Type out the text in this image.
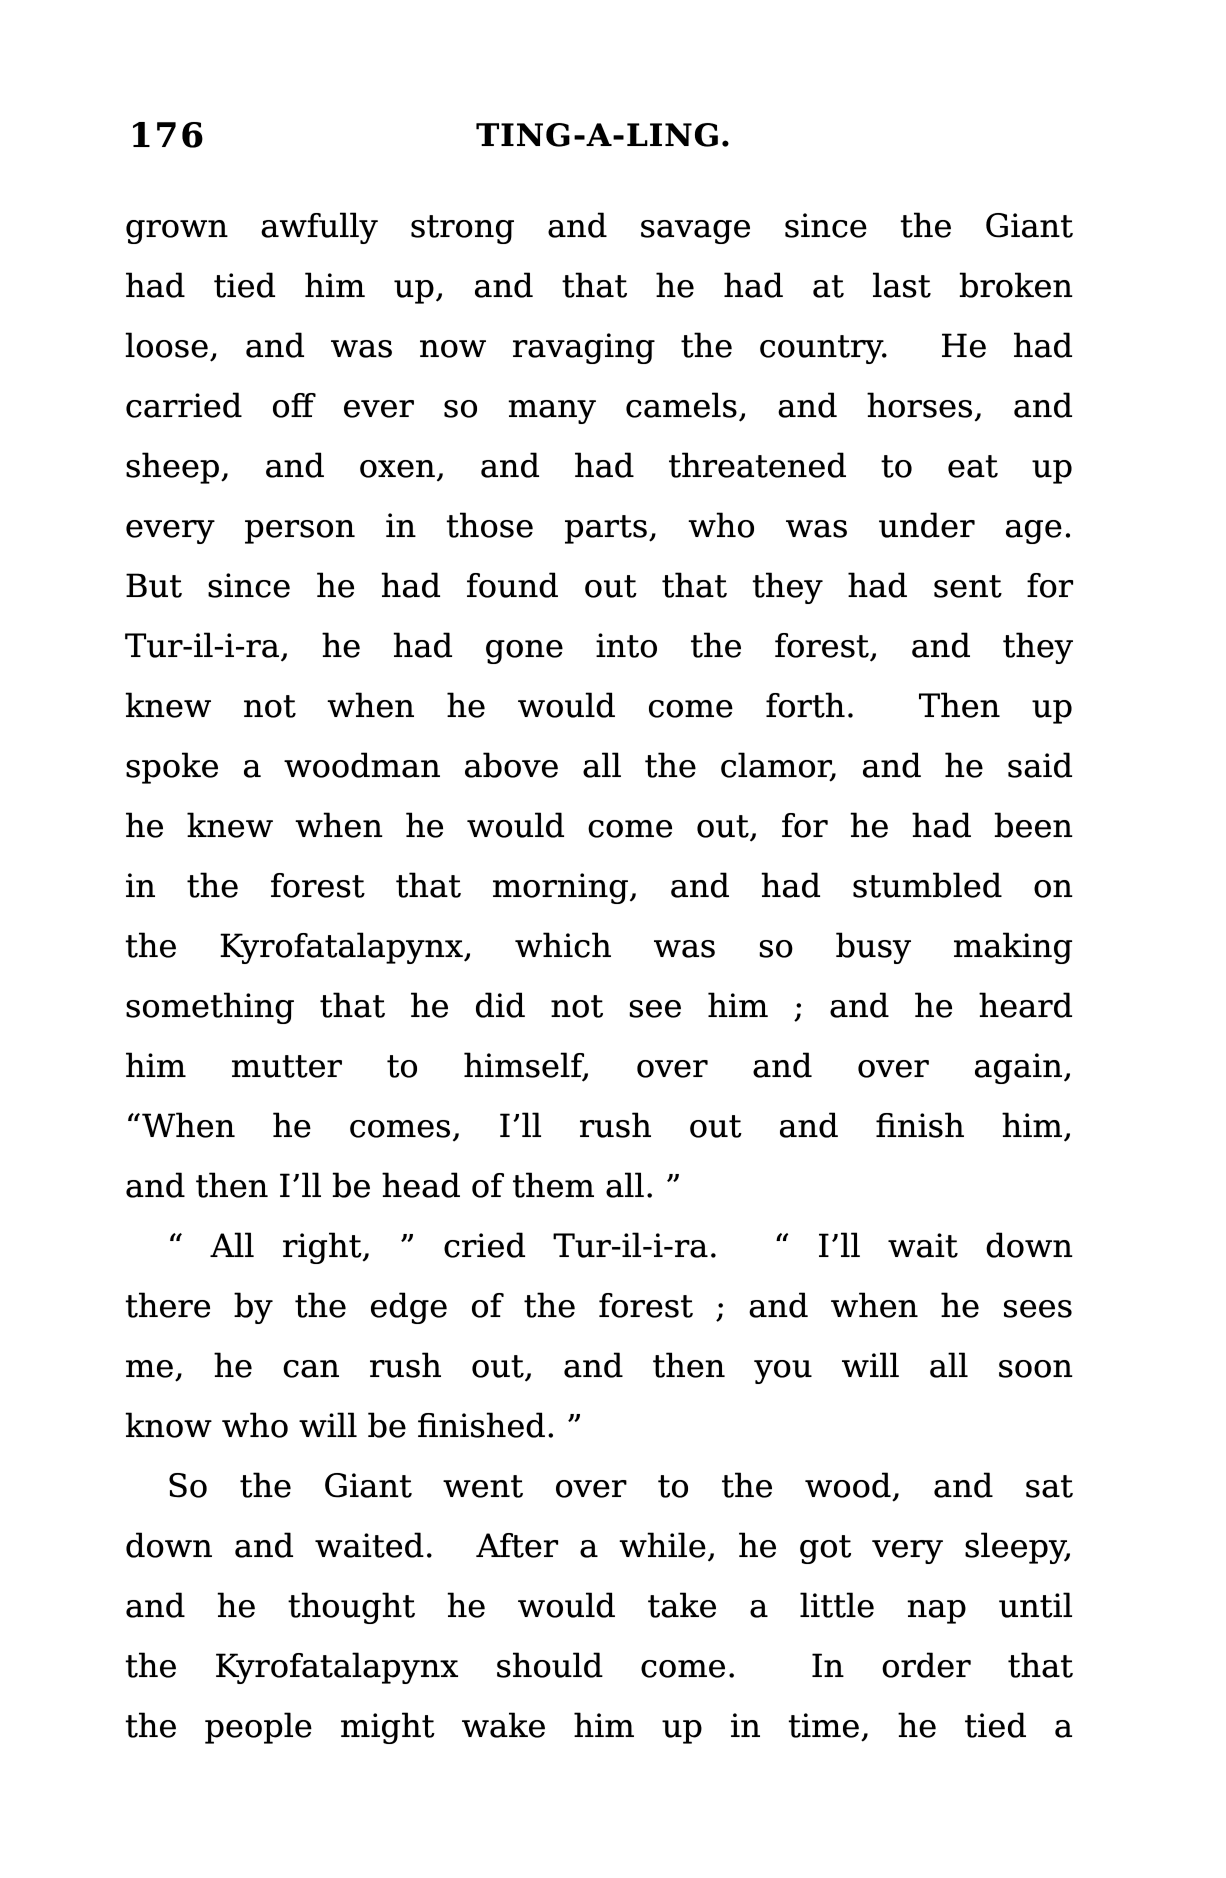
176	TING-A-LING.
grown awfully strong and savage since the Giant
had tied him up, and that he had at last broken
loose, and was now ravaging the country.  He had
carried off ever so many camels, and horses, and
sheep, and oxen, and had threatened to eat up
every person in those parts, who was under age.
But since he had found out that they had sent for
Tur-il-i-ra, he had gone into the forest, and they
knew not when he would come forth.  Then up
spoke a woodman above all the clamor, and he said
he knew when he would come out, for he had been
in the forest that morning, and had stumbled on
the Kyrofatalapynx, which was so busy making
something that he did not see him ; and he heard
him mutter to himself, over and over again,
“When he comes, I’ll rush out and finish him,
and then I’ll be head of them all. ”
“ All right, ” cried Tur-il-i-ra.  “ I’ll wait down
there by the edge of the forest ; and when he sees
me, he can rush out, and then you will all soon
know who will be finished. ”
So the Giant went over to the wood, and sat
down and waited.  After a while, he got very sleepy,
and he thought he would take a little nap until
the Kyrofatalapynx should come.  In order that
the people might wake him up in time, he tied a
